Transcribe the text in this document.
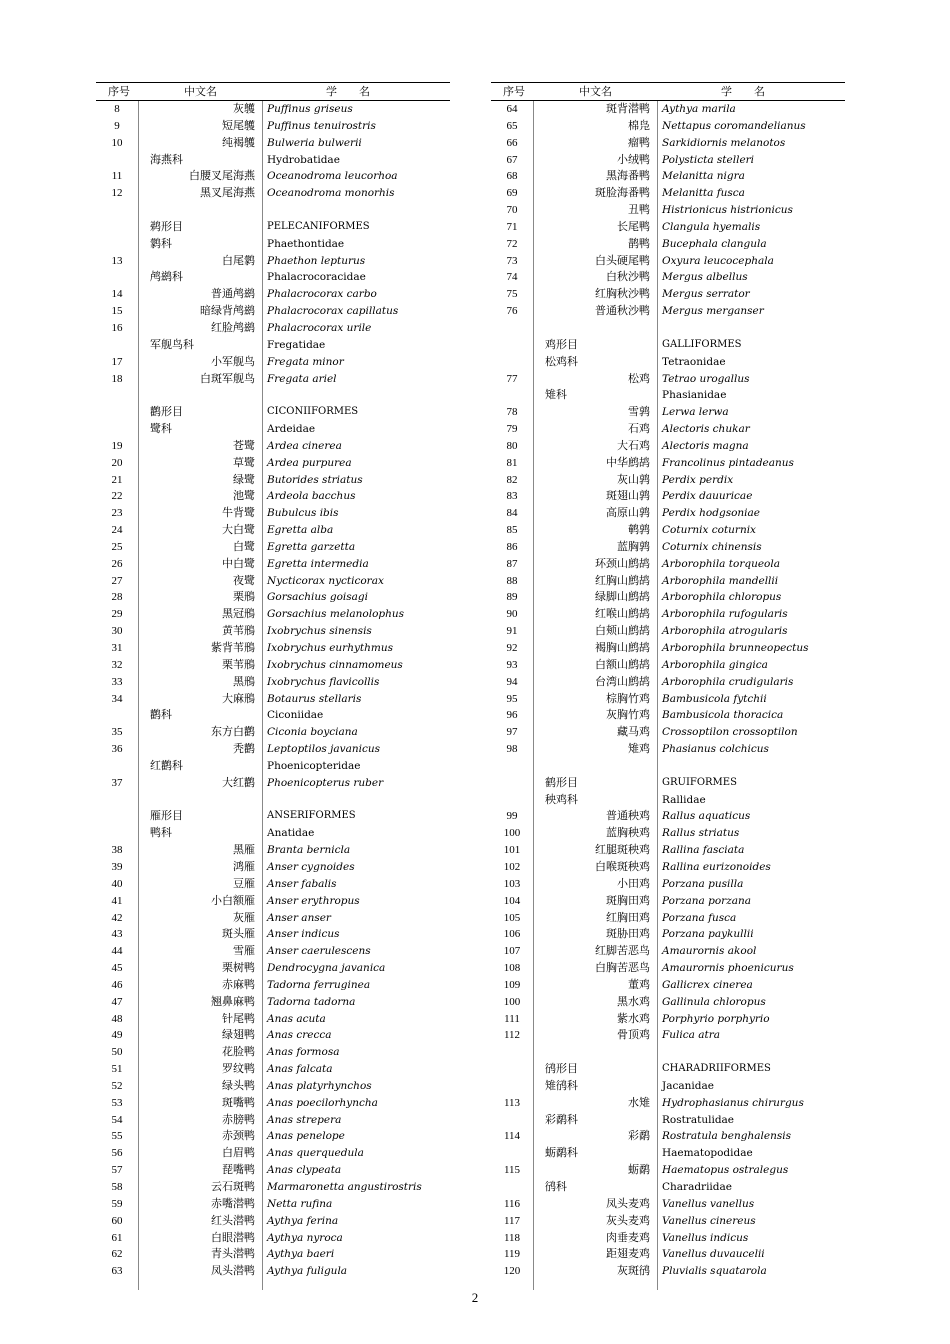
序号	中文名	学　　名
8	灰鹱 Puffinus griseus
9	短尾鹱 Puffinus tenuirostris
10	纯褐鹱 Bulweria bulwerii
海燕科	Hydrobatidae
11	白腰叉尾海燕 Oceanodroma leucorhoa
12	黑叉尾海燕 Oceanodroma monorhis
鹈形目	PELECANIFORMES
鹲科	Phaethontidae
13	白尾鹲 Phaethon lepturus
鸬鹚科	Phalacrocoracidae
14	普通鸬鹚 Phalacrocorax carbo
15	暗绿背鸬鹚 Phalacrocorax capillatus
16	红脸鸬鹚 Phalacrocorax urile
军舰鸟科	Fregatidae
17	小军舰鸟 Fregata minor
18	白斑军舰鸟 Fregata ariel
鹳形目	CICONIIFORMES
鹭科	Ardeidae
19	苍鹭 Ardea cinerea
20	草鹭 Ardea purpurea
21	绿鹭 Butorides striatus
22	池鹭 Ardeola bacchus
23	牛背鹭 Bubulcus ibis
24	大白鹭 Egretta alba
25	白鹭 Egretta garzetta
26	中白鹭 Egretta intermedia
27	夜鹭 Nycticorax nycticorax
28	栗鳽 Gorsachius goisagi
29	黑冠鳽 Gorsachius melanolophus
30	黄苇鳽 Ixobrychus sinensis
31	紫背苇鳽 Ixobrychus eurhythmus
32	栗苇鳽 Ixobrychus cinnamomeus
33	黑鳽 Ixobrychus flavicollis
34	大麻鳽 Botaurus stellaris
鹳科	Ciconiidae
35	东方白鹳 Ciconia boyciana
36	秃鹳 Leptoptilos javanicus
红鹳科	Phoenicopteridae
37	大红鹳 Phoenicopterus ruber
雁形目	ANSERIFORMES
鸭科	Anatidae
38	黑雁 Branta bernicla
39	鸿雁 Anser cygnoides
40	豆雁 Anser fabalis
41	小白额雁 Anser erythropus
42	灰雁 Anser anser
43	斑头雁 Anser indicus
44	雪雁 Anser caerulescens
45	栗树鸭 Dendrocygna javanica
46	赤麻鸭 Tadorna ferruginea
47	翘鼻麻鸭 Tadorna tadorna
48	针尾鸭 Anas acuta
49	绿翅鸭 Anas crecca
50	花脸鸭 Anas formosa
51	罗纹鸭 Anas falcata
52	绿头鸭 Anas platyrhynchos
53	斑嘴鸭 Anas poecilorhyncha
54	赤膀鸭 Anas strepera
55	赤颈鸭 Anas penelope
56	白眉鸭 Anas querquedula
57	琵嘴鸭 Anas clypeata
58	云石斑鸭 Marmaronetta angustirostris
59	赤嘴潜鸭 Netta rufina
60	红头潜鸭 Aythya ferina
61	白眼潜鸭 Aythya nyroca
62	青头潜鸭 Aythya baeri
63	凤头潜鸭 Aythya fuligula
序号	中文名	学　　名
64	斑背潜鸭 Aythya marila
65	棉凫 Nettapus coromandelianus
66	瘤鸭 Sarkidiornis melanotos
67	小绒鸭 Polysticta stelleri
68	黑海番鸭 Melanitta nigra
69	斑脸海番鸭 Melanitta fusca
70	丑鸭 Histrionicus histrionicus
71	长尾鸭 Clangula hyemalis
72	鹊鸭 Bucephala clangula
73	白头硬尾鸭 Oxyura leucocephala
74	白秋沙鸭 Mergus albellus
75	红胸秋沙鸭 Mergus serrator
76	普通秋沙鸭 Mergus merganser
鸡形目	GALLIFORMES
松鸡科	Tetraonidae
77	松鸡 Tetrao urogallus
雉科	Phasianidae
78	雪鹑 Lerwa lerwa
79	石鸡 Alectoris chukar
80	大石鸡 Alectoris magna
81	中华鹧鸪 Francolinus pintadeanus
82	灰山鹑 Perdix perdix
83	斑翅山鹑 Perdix dauuricae
84	高原山鹑 Perdix hodgsoniae
85	鹌鹑 Coturnix coturnix
86	蓝胸鹑 Coturnix chinensis
87	环颈山鹧鸪 Arborophila torqueola
88	红胸山鹧鸪 Arborophila mandellii
89	绿脚山鹧鸪 Arborophila chloropus
90	红喉山鹧鸪 Arborophila rufogularis
91	白颊山鹧鸪 Arborophila atrogularis
92	褐胸山鹧鸪 Arborophila brunneopectus
93	白额山鹧鸪 Arborophila gingica
94	台湾山鹧鸪 Arborophila crudigularis
95	棕胸竹鸡 Bambusicola fytchii
96	灰胸竹鸡 Bambusicola thoracica
97	藏马鸡 Crossoptilon crossoptilon
98	雉鸡 Phasianus colchicus
鹤形目	GRUIFORMES
秧鸡科	Rallidae
99	普通秧鸡 Rallus aquaticus
100	蓝胸秧鸡 Rallus striatus
101	红腿斑秧鸡 Rallina fasciata
102	白喉斑秧鸡 Rallina eurizonoides
103	小田鸡 Porzana pusilla
104	斑胸田鸡 Porzana porzana
105	红胸田鸡 Porzana fusca
106	斑胁田鸡 Porzana paykullii
107	红脚苦恶鸟 Amaurornis akool
108	白胸苦恶鸟 Amaurornis phoenicurus
109	董鸡 Gallicrex cinerea
100	黑水鸡 Gallinula chloropus
111	紫水鸡 Porphyrio porphyrio
112	骨顶鸡 Fulica atra
鸻形目	CHARADRIIFORMES
雉鸻科	Jacanidae
113	水雉 Hydrophasianus chirurgus
彩鹬科	Rostratulidae
114	彩鹬 Rostratula benghalensis
蛎鹬科	Haematopodidae
115	蛎鹬 Haematopus ostralegus
鸻科	Charadriidae
116	凤头麦鸡 Vanellus vanellus
117	灰头麦鸡 Vanellus cinereus
118	肉垂麦鸡 Vanellus indicus
119	距翅麦鸡 Vanellus duvaucelii
120	灰斑鸻 Pluvialis squatarola
2
